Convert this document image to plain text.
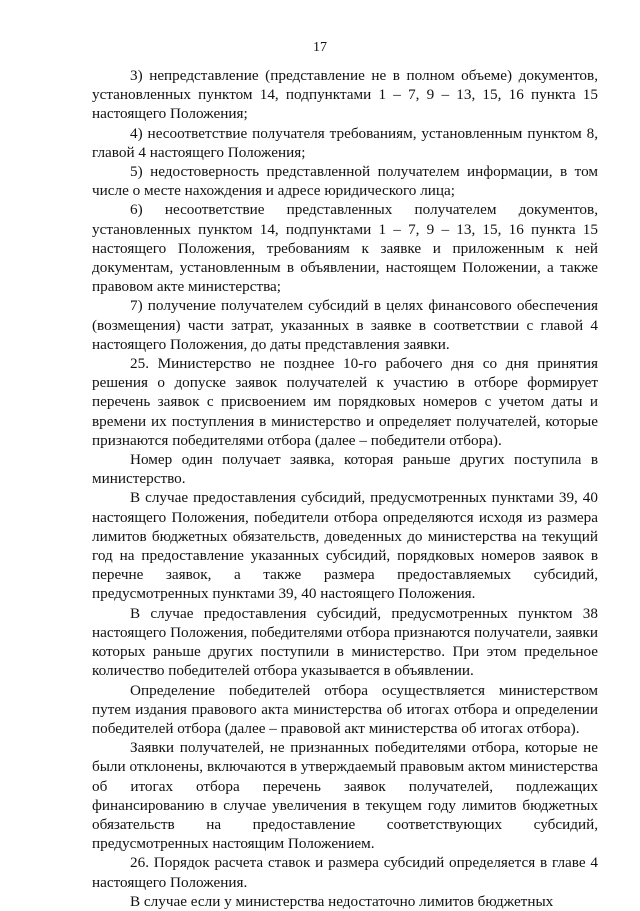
17

3) непредставление (представление не в полном объеме) документов, установленных пунктом 14, подпунктами 1 – 7, 9 – 13, 15, 16 пункта 15 настоящего Положения;

4) несоответствие получателя требованиям, установленным пунктом 8, главой 4 настоящего Положения;

5) недостоверность представленной получателем информации, в том числе о месте нахождения и адресе юридического лица;

6) несоответствие представленных получателем документов, установленных пунктом 14, подпунктами 1 – 7, 9 – 13, 15, 16 пункта 15 настоящего Положения, требованиям к заявке и приложенным к ней документам, установленным в объявлении, настоящем Положении, а также правовом акте министерства;

7) получение получателем субсидий в целях финансового обеспечения (возмещения) части затрат, указанных в заявке в соответствии с главой 4 настоящего Положения, до даты представления заявки.

25. Министерство не позднее 10-го рабочего дня со дня принятия решения о допуске заявок получателей к участию в отборе формирует перечень заявок с присвоением им порядковых номеров с учетом даты и времени их поступления в министерство и определяет получателей, которые признаются победителями отбора (далее – победители отбора).

Номер один получает заявка, которая раньше других поступила в министерство.

В случае предоставления субсидий, предусмотренных пунктами 39, 40 настоящего Положения, победители отбора определяются исходя из размера лимитов бюджетных обязательств, доведенных до министерства на текущий год на предоставление указанных субсидий, порядковых номеров заявок в перечне заявок, а также размера предоставляемых субсидий, предусмотренных пунктами 39, 40 настоящего Положения.

В случае предоставления субсидий, предусмотренных пунктом 38 настоящего Положения, победителями отбора признаются получатели, заявки которых раньше других поступили в министерство. При этом предельное количество победителей отбора указывается в объявлении.

Определение победителей отбора осуществляется министерством путем издания правового акта министерства об итогах отбора и определении победителей отбора (далее – правовой акт министерства об итогах отбора).

Заявки получателей, не признанных победителями отбора, которые не были отклонены, включаются в утверждаемый правовым актом министерства об итогах отбора перечень заявок получателей, подлежащих финансированию в случае увеличения в текущем году лимитов бюджетных обязательств на предоставление соответствующих субсидий, предусмотренных настоящим Положением.

26. Порядок расчета ставок и размера субсидий определяется в главе 4 настоящего Положения.

В случае если у министерства недостаточно лимитов бюджетных
